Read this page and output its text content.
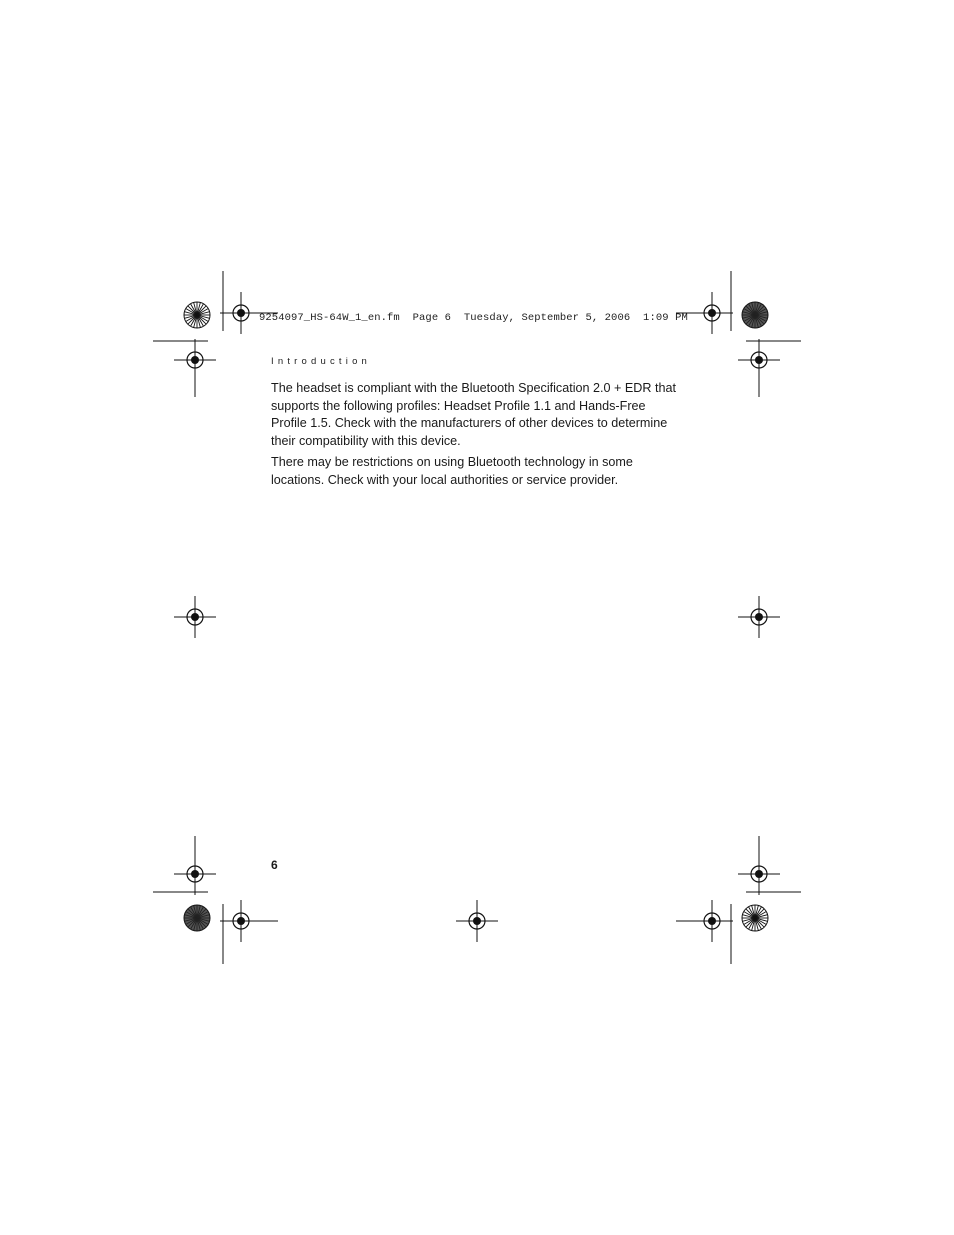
9254097_HS-64W_1_en.fm  Page 6  Tuesday, September 5, 2006  1:09 PM
Introduction

The headset is compliant with the Bluetooth Specification 2.0 + EDR that supports the following profiles: Headset Profile 1.1 and Hands-Free Profile 1.5. Check with the manufacturers of other devices to determine their compatibility with this device.

There may be restrictions on using Bluetooth technology in some locations. Check with your local authorities or service provider.

6
